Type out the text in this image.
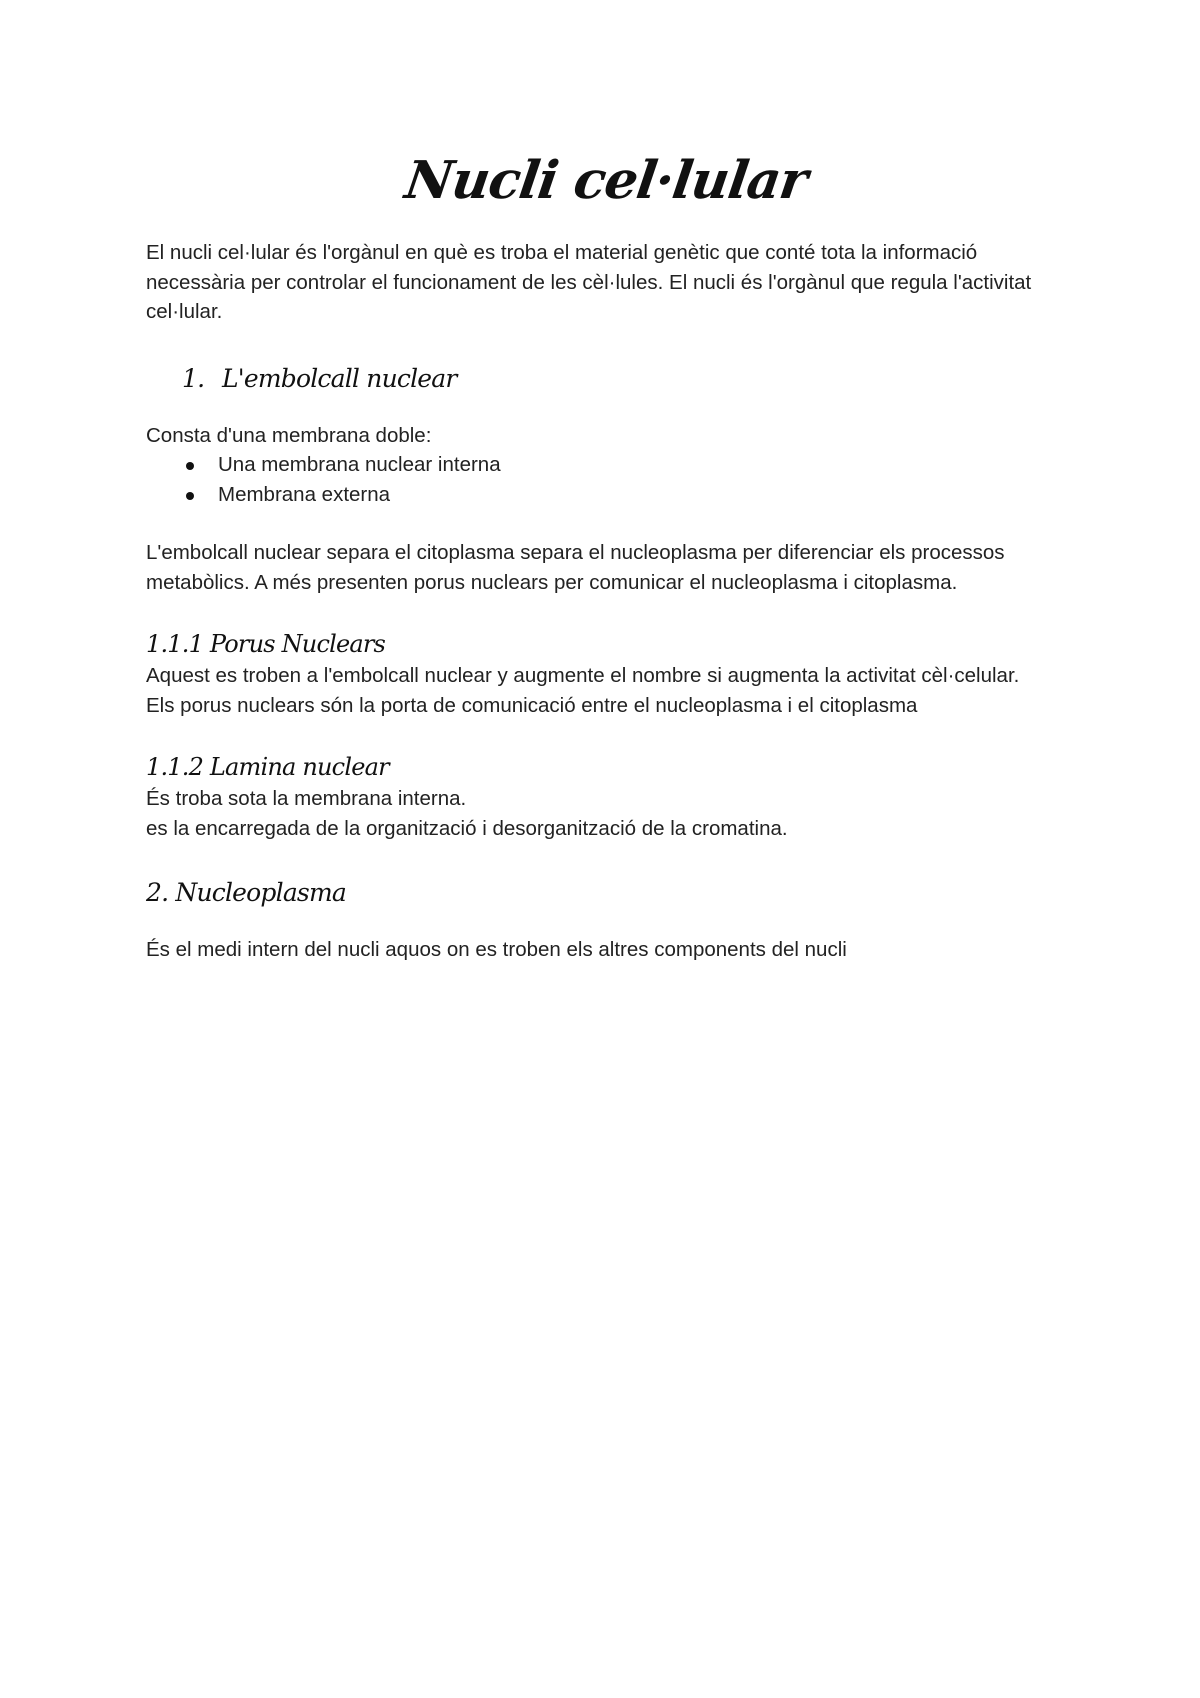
Nucli cel·lular

El nucli cel·lular és l'orgànul en què es troba el material genètic que conté tota la informació necessària per controlar el funcionament de les cèl·lules. El nucli és l'orgànul que regula l'activitat cel·lular.

1. L'embolcall nuclear

Consta d'una membrana doble:

Una membrana nuclear interna
Membrana externa

L'embolcall nuclear separa el citoplasma separa el nucleoplasma per diferenciar els processos metabòlics. A més presenten porus nuclears per comunicar el nucleoplasma i citoplasma.

1.1.1 Porus Nuclears

Aquest es troben a l'embolcall nuclear y augmente el nombre si augmenta la activitat cèl·celular.

Els porus nuclears són la porta de comunicació entre el nucleoplasma i el citoplasma

1.1.2 Lamina nuclear

És troba sota la membrana interna.

es la encarregada de la organització i desorganització de la cromatina.

2. Nucleoplasma

És el medi intern del nucli aquos on es troben els altres components del nucli
